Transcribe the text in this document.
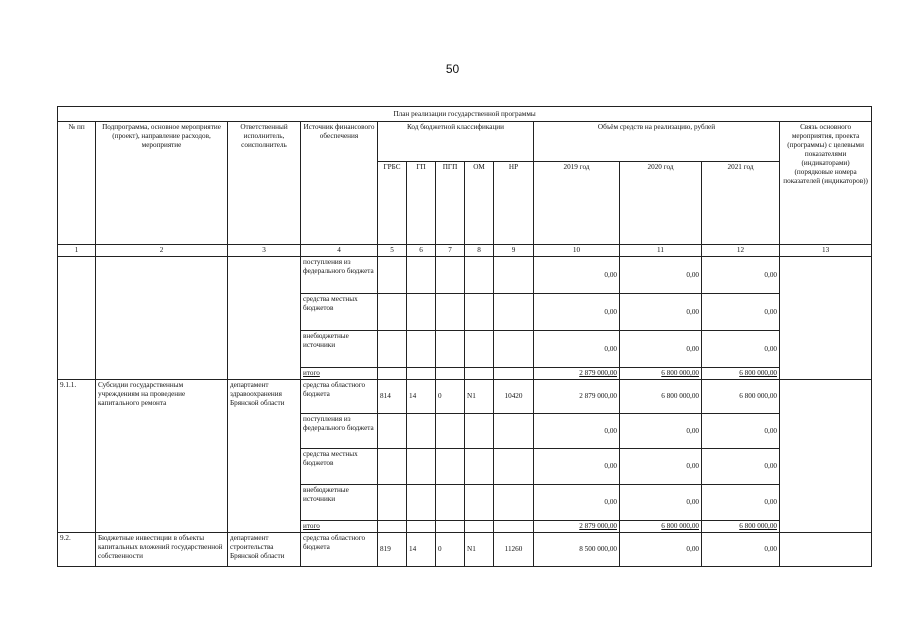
50
План реализации государственной программы												
№ пп	Подпрограмма, основное мероприятие (проект), направление расходов, мероприятие	Ответственный исполнитель, соисполнитель	Источник финансового обеспечения	Код бюджетной классификации					Объём средств на реализацию, рублей			Связь основного мероприятия, проекта (программы) с целевыми показателями (индикаторами) (порядковые номера показателей (индикаторов))
				ГРБС	ГП	ПГП	ОМ	НР	2019 год	2020 год	2021 год	
1	2	3	4	5	6	7	8	9	10	11	12	13
			поступления из федерального бюджета						0,00	0,00	0,00	
			средства местных бюджетов						0,00	0,00	0,00	
			внебюджетные источники						0,00	0,00	0,00	
			итого						2 879 000,00	6 800 000,00	6 800 000,00	
9.1.1.	Субсидии государственным учреждениям на проведение капитального ремонта	департамент здравоохранения Брянской области	средства областного бюджета	814	14	0	N1	10420	2 879 000,00	6 800 000,00	6 800 000,00	
			поступления из федерального бюджета						0,00	0,00	0,00	
			средства местных бюджетов						0,00	0,00	0,00	
			внебюджетные источники						0,00	0,00	0,00	
			итого						2 879 000,00	6 800 000,00	6 800 000,00	
9.2.	Бюджетные инвестиции в объекты капитальных вложений государственной собственности	департамент строительства Брянской области	средства областного бюджета	819	14	0	N1	11260	8 500 000,00	0,00	0,00	
